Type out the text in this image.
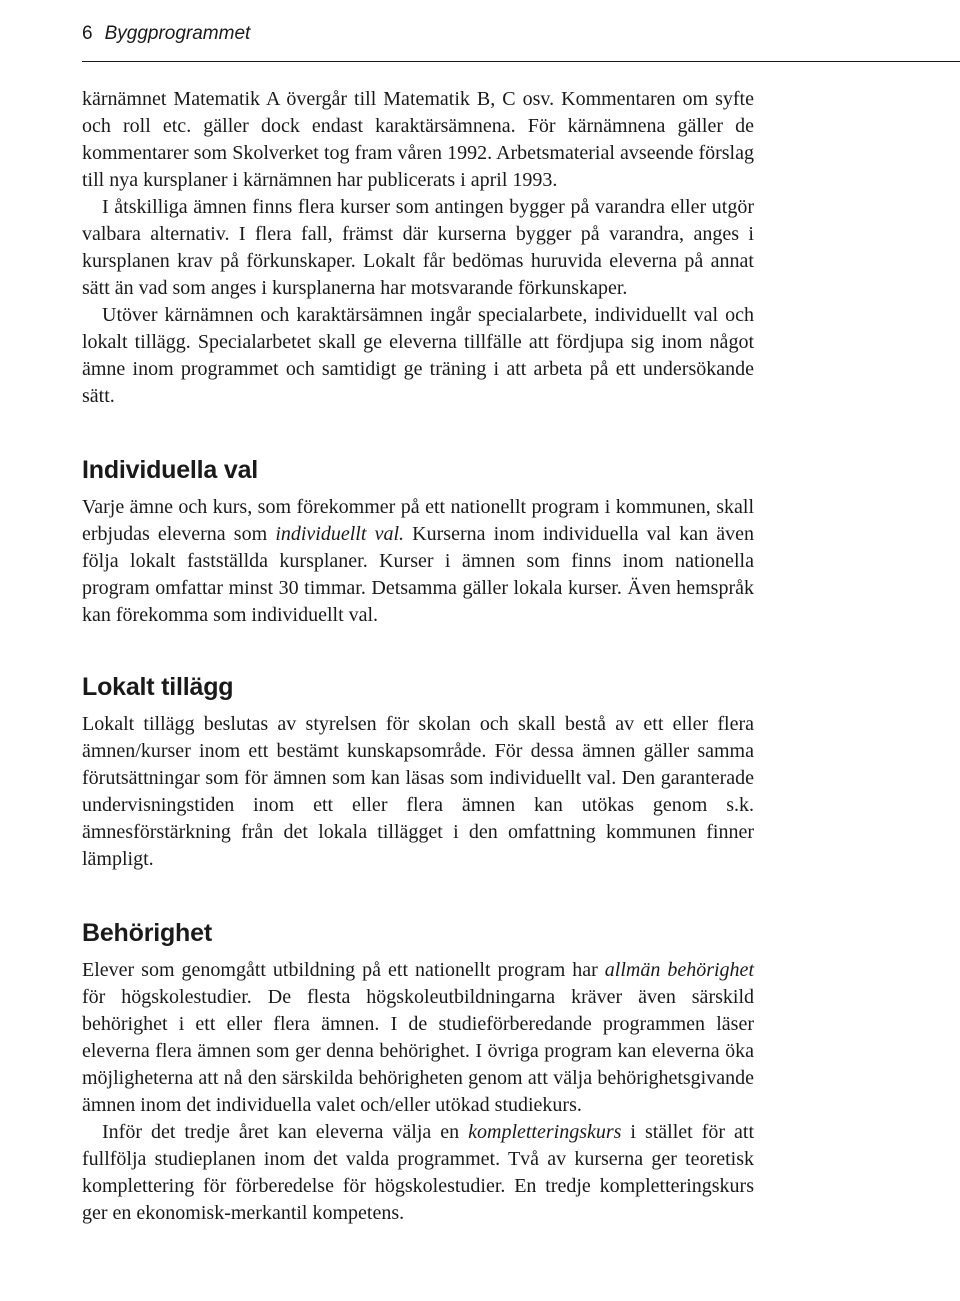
6 Byggprogrammet

kärnämnet Matematik A övergår till Matematik B, C osv. Kommentaren om syfte och roll etc. gäller dock endast karaktärsämnena. För kärnämnena gäller de kommentarer som Skolverket tog fram våren 1992. Arbetsmaterial avseende förslag till nya kursplaner i kärnämnen har publicerats i april 1993.

I åtskilliga ämnen finns flera kurser som antingen bygger på varandra eller utgör valbara alternativ. I flera fall, främst där kurserna bygger på varandra, anges i kursplanen krav på förkunskaper. Lokalt får bedömas huruvida eleverna på annat sätt än vad som anges i kursplanerna har motsvarande förkunskaper.

Utöver kärnämnen och karaktärsämnen ingår specialarbete, individuellt val och lokalt tillägg. Specialarbetet skall ge eleverna tillfälle att fördjupa sig inom något ämne inom programmet och samtidigt ge träning i att arbeta på ett undersökande sätt.

Individuella val

Varje ämne och kurs, som förekommer på ett nationellt program i kommunen, skall erbjudas eleverna som individuellt val. Kurserna inom individuella val kan även följa lokalt fastställda kursplaner. Kurser i ämnen som finns inom nationella program omfattar minst 30 timmar. Detsamma gäller lokala kurser. Även hemspråk kan förekomma som individuellt val.

Lokalt tillägg

Lokalt tillägg beslutas av styrelsen för skolan och skall bestå av ett eller flera ämnen/kurser inom ett bestämt kunskapsområde. För dessa ämnen gäller samma förutsättningar som för ämnen som kan läsas som individuellt val. Den garanterade undervisningstiden inom ett eller flera ämnen kan utökas genom s.k. ämnesförstärkning från det lokala tillägget i den omfattning kommunen finner lämpligt.

Behörighet

Elever som genomgått utbildning på ett nationellt program har allmän behörighet för högskolestudier. De flesta högskoleutbildningarna kräver även särskild behörighet i ett eller flera ämnen. I de studieförberedande programmen läser eleverna flera ämnen som ger denna behörighet. I övriga program kan eleverna öka möjligheterna att nå den särskilda behörigheten genom att välja behörighetsgivande ämnen inom det individuella valet och/eller utökad studiekurs.

Inför det tredje året kan eleverna välja en kompletteringskurs i stället för att fullfölja studieplanen inom det valda programmet. Två av kurserna ger teoretisk komplettering för förberedelse för högskolestudier. En tredje kompletteringskurs ger en ekonomisk-merkantil kompetens.
